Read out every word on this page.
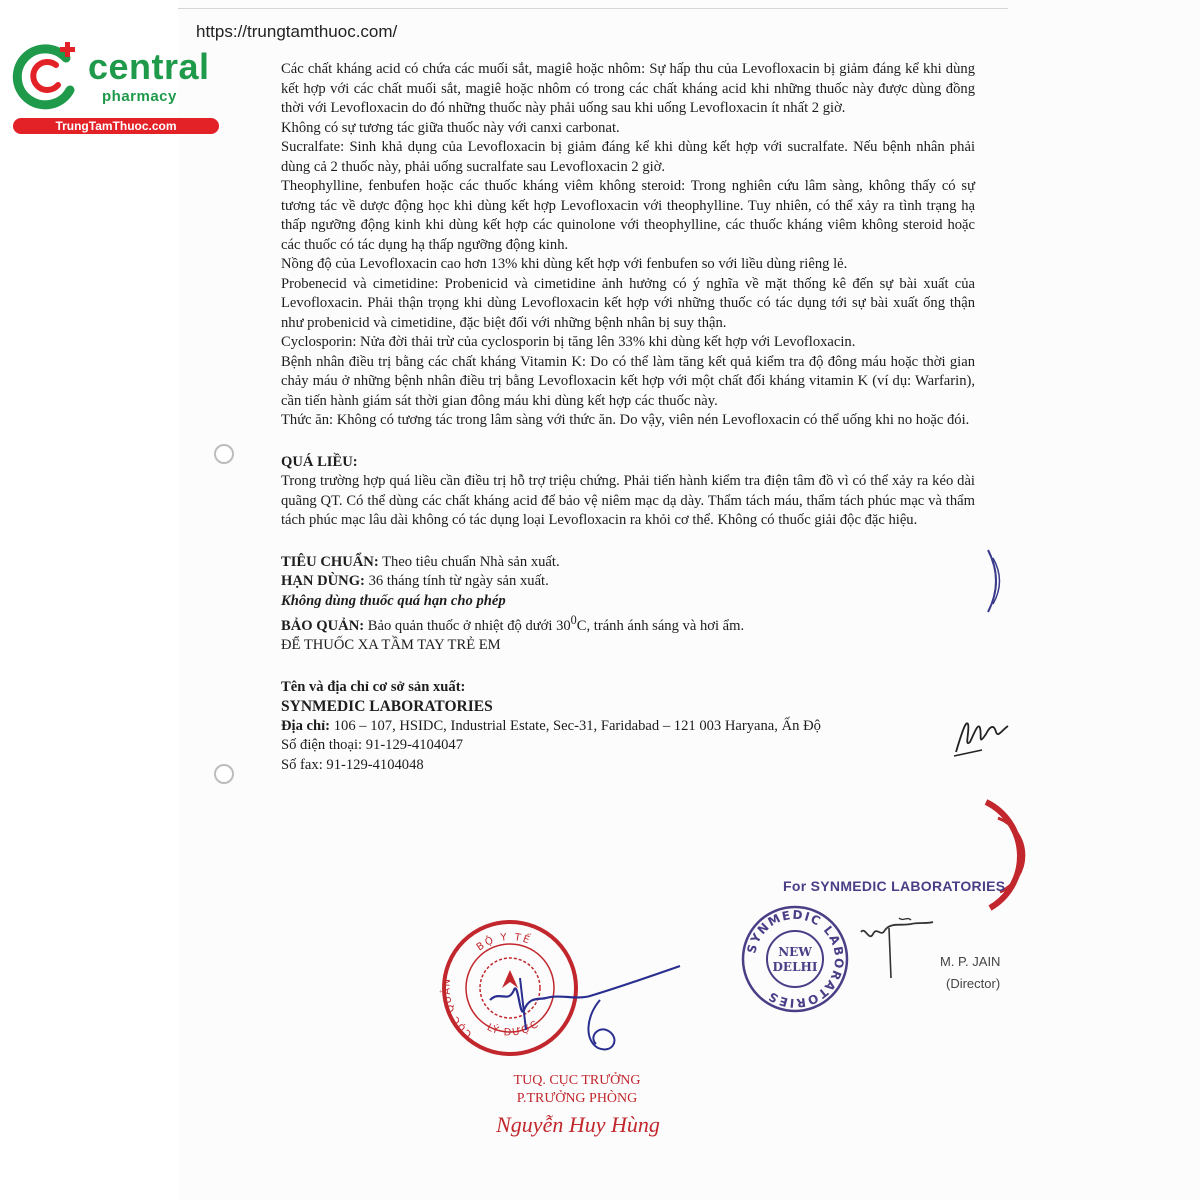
https://trungtamthuoc.com/
central
pharmacy
TrungTamThuoc.com

Các chất kháng acid có chứa các muối sắt, magiê hoặc nhôm: Sự hấp thu của Levofloxacin bị giảm đáng kể khi dùng kết hợp với các chất muối sắt, magiê hoặc nhôm có trong các chất kháng acid khi những thuốc này được dùng đồng thời với Levofloxacin do đó những thuốc này phải uống sau khi uống Levofloxacin ít nhất 2 giờ.

Không có sự tương tác giữa thuốc này với canxi carbonat.

Sucralfate: Sinh khả dụng của Levofloxacin bị giảm đáng kể khi dùng kết hợp với sucralfate. Nếu bệnh nhân phải dùng cả 2 thuốc này, phải uống sucralfate sau Levofloxacin 2 giờ.

Theophylline, fenbufen hoặc các thuốc kháng viêm không steroid: Trong nghiên cứu lâm sàng, không thấy có sự tương tác về dược động học khi dùng kết hợp Levofloxacin với theophylline. Tuy nhiên, có thể xảy ra tình trạng hạ thấp ngưỡng động kinh khi dùng kết hợp các quinolone với theophylline, các thuốc kháng viêm không steroid hoặc các thuốc có tác dụng hạ thấp ngưỡng động kinh.

Nồng độ của Levofloxacin cao hơn 13% khi dùng kết hợp với fenbufen so với liều dùng riêng lẻ.

Probenecid và cimetidine: Probenicid và cimetidine ảnh hưởng có ý nghĩa về mặt thống kê đến sự bài xuất của Levofloxacin. Phải thận trọng khi dùng Levofloxacin kết hợp với những thuốc có tác dụng tới sự bài xuất ống thận như probenicid và cimetidine, đặc biệt đối với những bệnh nhân bị suy thận.

Cyclosporin: Nửa đời thải trừ của cyclosporin bị tăng lên 33% khi dùng kết hợp với Levofloxacin.

Bệnh nhân điều trị bằng các chất kháng Vitamin K: Do có thể làm tăng kết quả kiểm tra độ đông máu hoặc thời gian chảy máu ở những bệnh nhân điều trị bằng Levofloxacin kết hợp với một chất đối kháng vitamin K (ví dụ: Warfarin), cần tiến hành giám sát thời gian đông máu khi dùng kết hợp các thuốc này.

Thức ăn: Không có tương tác trong lâm sàng với thức ăn. Do vậy, viên nén Levofloxacin có thể uống khi no hoặc đói.

QUÁ LIỀU:

Trong trường hợp quá liều cần điều trị hỗ trợ triệu chứng. Phải tiến hành kiểm tra điện tâm đồ vì có thể xảy ra kéo dài quãng QT. Có thể dùng các chất kháng acid để bảo vệ niêm mạc dạ dày. Thẩm tách máu, thẩm tách phúc mạc và thẩm tách phúc mạc lâu dài không có tác dụng loại Levofloxacin ra khỏi cơ thể. Không có thuốc giải độc đặc hiệu.

TIÊU CHUẨN: Theo tiêu chuẩn Nhà sản xuất.

HẠN DÙNG: 36 tháng tính từ ngày sản xuất.

Không dùng thuốc quá hạn cho phép

BẢO QUẢN: Bảo quản thuốc ở nhiệt độ dưới $30^0C$, tránh ánh sáng và hơi ẩm.

ĐỂ THUỐC XA TẦM TAY TRẺ EM

Tên và địa chỉ cơ sở sản xuất:

SYNMEDIC LABORATORIES

Địa chỉ: 106 – 107, HSIDC, Industrial Estate, Sec-31, Faridabad – 121 003 Haryana, Ấn Độ

Số điện thoại: 91-129-4104047

Số fax: 91-129-4104048

For SYNMEDIC LABORATORIES
SYNMEDIC LABORATORIES
NEW
DELHI	M. P. JAIN
(Director)
BỘ Y TẾ
CỤC QUẢN
LÝ DƯỢC
TUQ. CỤC TRƯỞNG
P.TRƯỞNG PHÒNG
Nguyễn Huy Hùng
